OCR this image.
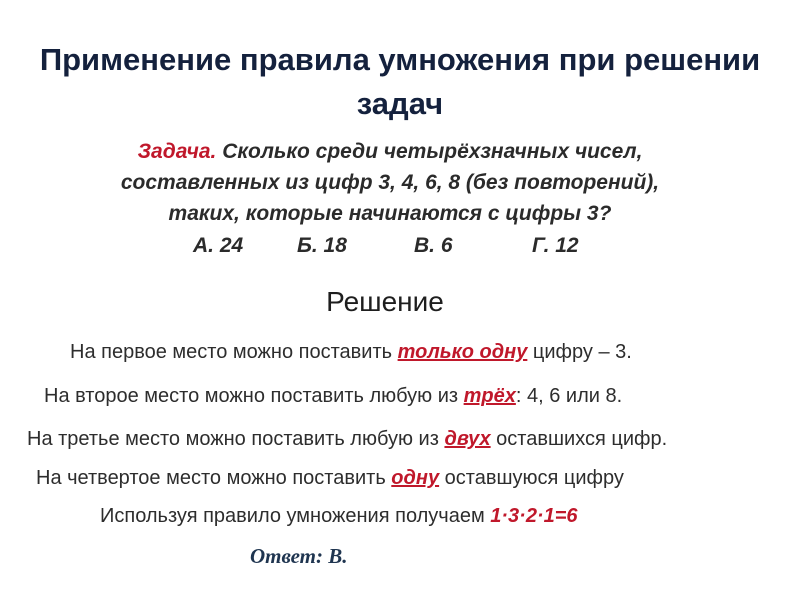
Применение правила умножения при решении
задач
Задача. Сколько среди четырёхзначных чисел,
составленных из цифр 3, 4, 6, 8 (без повторений),
таких, которые начинаются с цифры 3?
А. 24	Б. 18	В. 6	Г. 12
Решение
На первое место можно поставить только одну цифру – 3.
На второе место можно поставить любую из трёх: 4, 6 или 8.
На третье место можно поставить любую из двух оставшихся цифр.
На четвертое место можно поставить одну оставшуюся цифру
Используя правило умножения получаем 1·3·2·1=6
Ответ: В.
